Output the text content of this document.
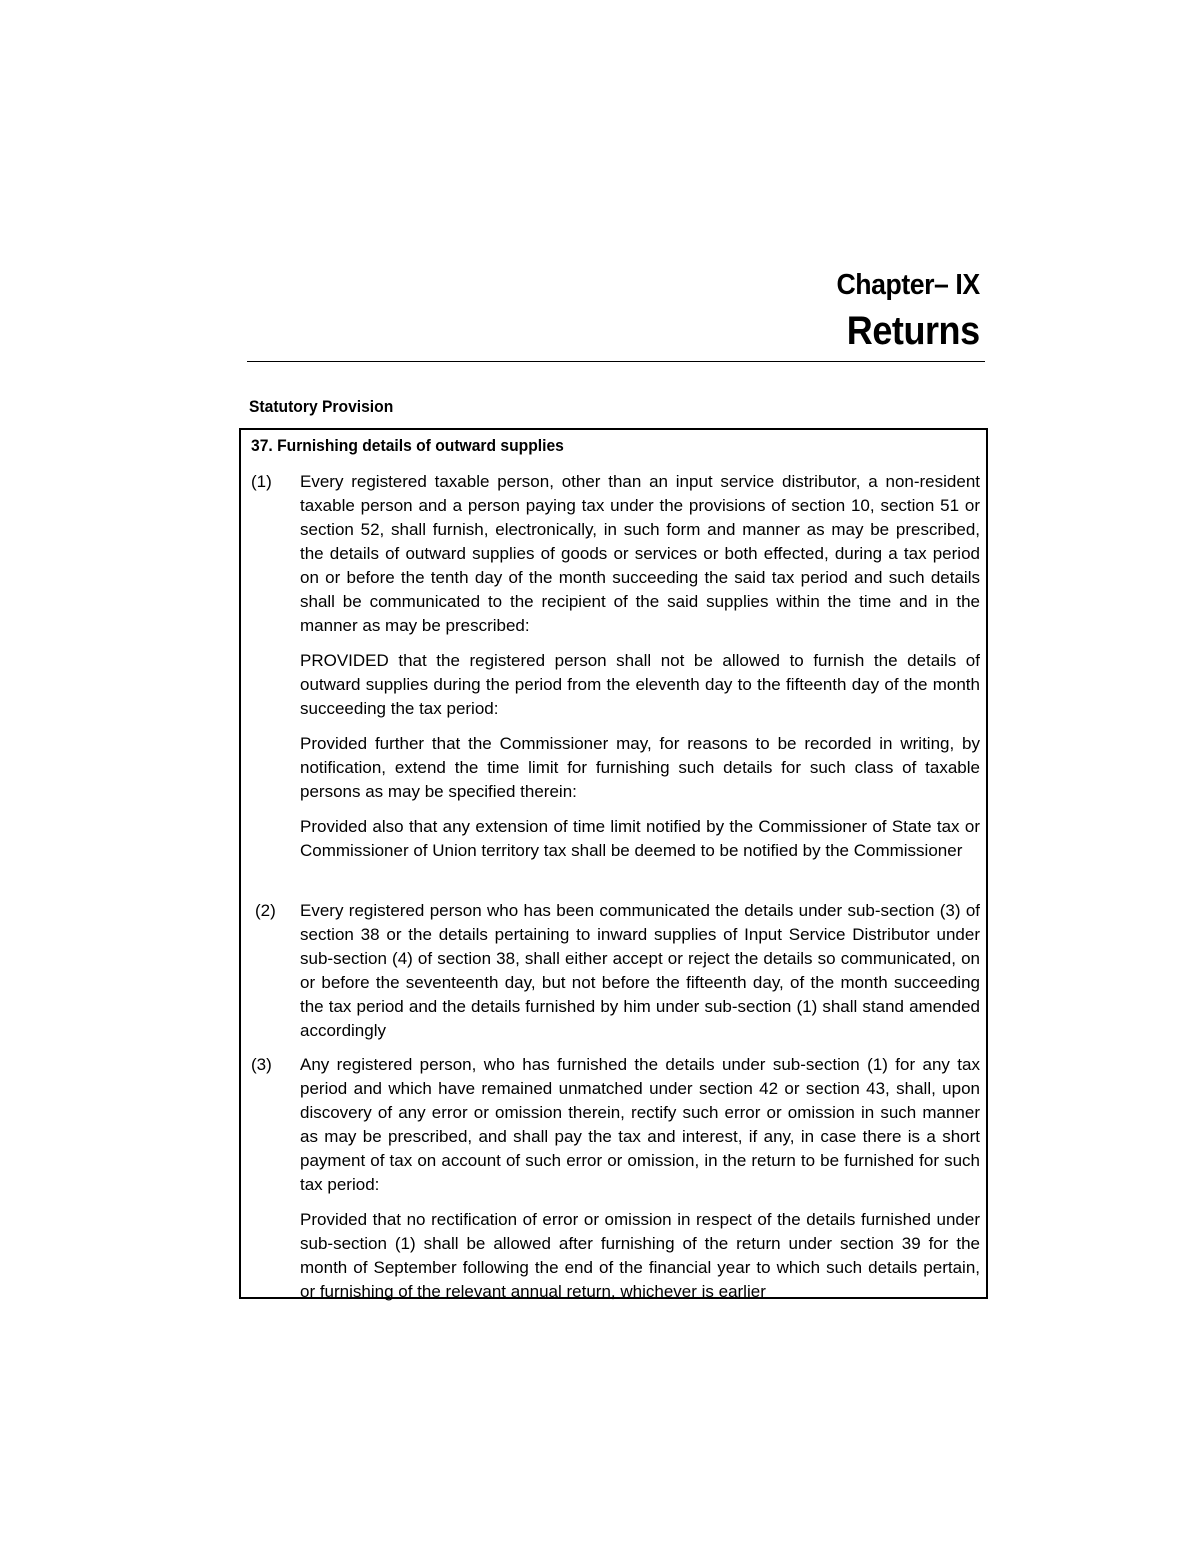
Chapter– IX
Returns
Statutory Provision
37. Furnishing details of outward supplies
(1) Every registered taxable person, other than an input service distributor, a non-resident taxable person and a person paying tax under the provisions of section 10, section 51 or section 52, shall furnish, electronically, in such form and manner as may be prescribed, the details of outward supplies of goods or services or both effected, during a tax period on or before the tenth day of the month succeeding the said tax period and such details shall be communicated to the recipient of the said supplies within the time and in the manner as may be prescribed:
PROVIDED that the registered person shall not be allowed to furnish the details of outward supplies during the period from the eleventh day to the fifteenth day of the month succeeding the tax period:
Provided further that the Commissioner may, for reasons to be recorded in writing, by notification, extend the time limit for furnishing such details for such class of taxable persons as may be specified therein:
Provided also that any extension of time limit notified by the Commissioner of State tax or Commissioner of Union territory tax shall be deemed to be notified by the Commissioner
(2) Every registered person who has been communicated the details under sub-section (3) of section 38 or the details pertaining to inward supplies of Input Service Distributor under sub-section (4) of section 38, shall either accept or reject the details so communicated, on or before the seventeenth day, but not before the fifteenth day, of the month succeeding the tax period and the details furnished by him under sub-section (1) shall stand amended accordingly
(3) Any registered person, who has furnished the details under sub-section (1) for any tax period and which have remained unmatched under section 42 or section 43, shall, upon discovery of any error or omission therein, rectify such error or omission in such manner as may be prescribed, and shall pay the tax and interest, if any, in case there is a short payment of tax on account of such error or omission, in the return to be furnished for such tax period:
Provided that no rectification of error or omission in respect of the details furnished under sub-section (1) shall be allowed after furnishing of the return under section 39 for the month of September following the end of the financial year to which such details pertain, or furnishing of the relevant annual return, whichever is earlier
